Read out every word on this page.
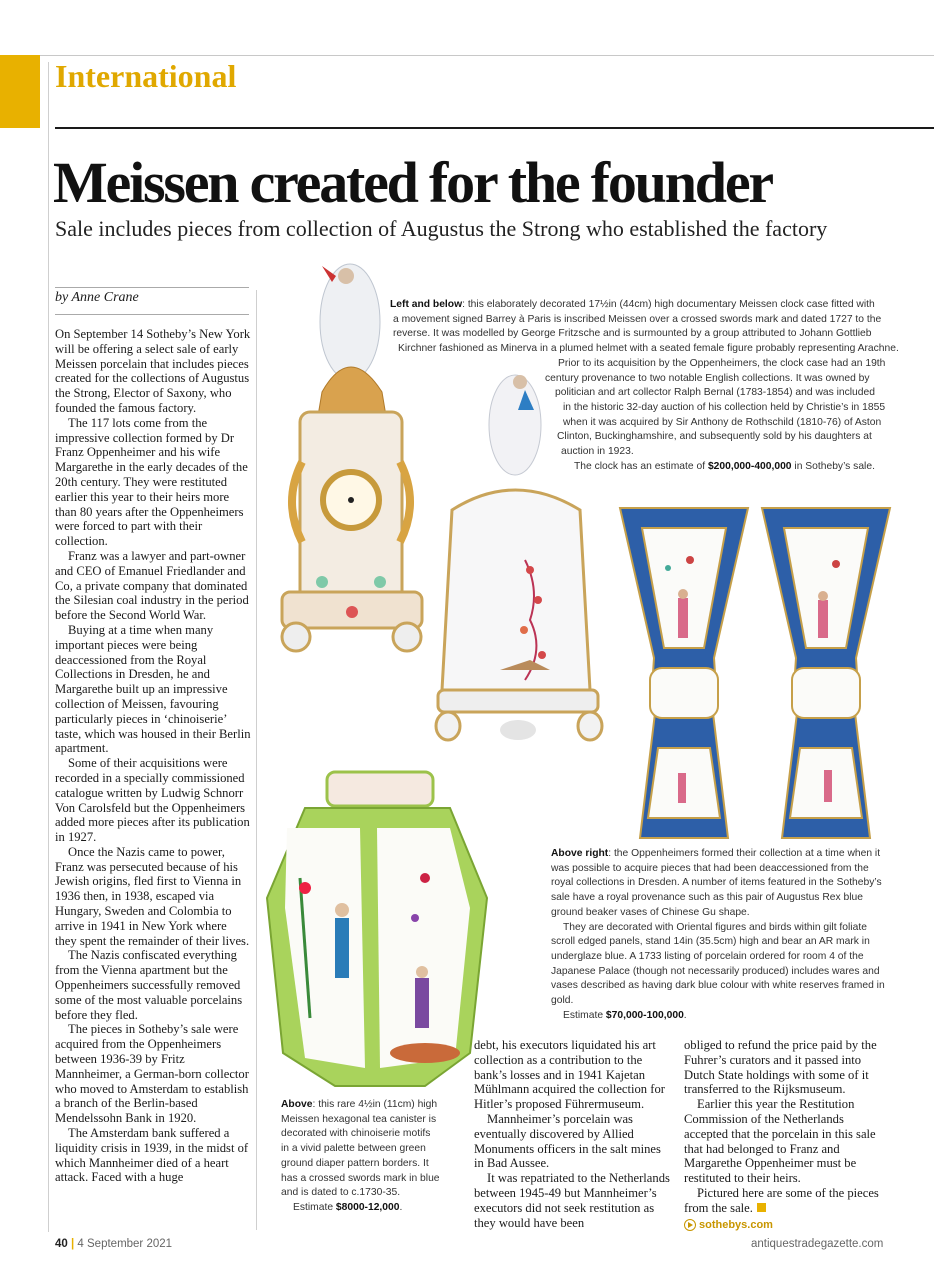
International
Meissen created for the founder
Sale includes pieces from collection of Augustus the Strong who established the factory
by Anne Crane

On September 14 Sotheby’s New York will be offering a select sale of early Meissen porcelain that includes pieces created for the collections of Augustus the Strong, Elector of Saxony, who founded the famous factory.

The 117 lots come from the impressive collection formed by Dr Franz Oppenheimer and his wife Margarethe in the early decades of the 20th century. They were restituted earlier this year to their heirs more than 80 years after the Oppenheimers were forced to part with their collection.

Franz was a lawyer and part-owner and CEO of Emanuel Friedlander and Co, a private company that dominated the Silesian coal industry in the period before the Second World War.

Buying at a time when many important pieces were being deaccessioned from the Royal Collections in Dresden, he and Margarethe built up an impressive collection of Meissen, favouring particularly pieces in ‘chinoiserie’ taste, which was housed in their Berlin apartment.

Some of their acquisitions were recorded in a specially commissioned catalogue written by Ludwig Schnorr Von Carolsfeld but the Oppenheimers added more pieces after its publication in 1927.

Once the Nazis came to power, Franz was persecuted because of his Jewish origins, fled first to Vienna in 1936 then, in 1938, escaped via Hungary, Sweden and Colombia to arrive in 1941 in New York where they spent the remainder of their lives.

The Nazis confiscated everything from the Vienna apartment but the Oppenheimers successfully removed some of the most valuable porcelains before they fled.

The pieces in Sotheby’s sale were acquired from the Oppenheimers between 1936-39 by Fritz Mannheimer, a German-born collector who moved to Amsterdam to establish a branch of the Berlin-based Mendelssohn Bank in 1920.

The Amsterdam bank suffered a liquidity crisis in 1939, in the midst of which Mannheimer died of a heart attack. Faced with a huge

debt, his executors liquidated his art collection as a contribution to the bank’s losses and in 1941 Kajetan Mühlmann acquired the collection for Hitler’s proposed Führermuseum.

Mannheimer’s porcelain was eventually discovered by Allied Monuments officers in the salt mines in Bad Aussee.

It was repatriated to the Netherlands between 1945-49 but Mannheimer’s executors did not seek restitution as they would have been

obliged to refund the price paid by the Fuhrer’s curators and it passed into Dutch State holdings with some of it transferred to the Rijksmuseum.

Earlier this year the Restitution Commission of the Netherlands accepted that the porcelain in this sale that had belonged to Franz and Margarethe Oppenheimer must be restituted to their heirs.

Pictured here are some of the pieces from the sale.

sothebys.com

Left and below: this elaborately decorated 17½in (44cm) high documentary Meissen clock case fitted with

a movement signed Barrey à Paris is inscribed Meissen over a crossed swords mark and dated 1727 to the

reverse. It was modelled by George Fritzsche and is surmounted by a group attributed to Johann Gottlieb

Kirchner fashioned as Minerva in a plumed helmet with a seated female figure probably representing Arachne.

Prior to its acquisition by the Oppenheimers, the clock case had an 19th

century provenance to two notable English collections. It was owned by

politician and art collector Ralph Bernal (1783-1854) and was included

in the historic 32-day auction of his collection held by Christie’s in 1855

when it was acquired by Sir Anthony de Rothschild (1810-76) of Aston

Clinton, Buckinghamshire, and subsequently sold by his daughters at

auction in 1923.

The clock has an estimate of $200,000-400,000 in Sotheby’s sale.

Above right: the Oppenheimers formed their collection at a time when it was possible to acquire pieces that had been deaccessioned from the royal collections in Dresden. A number of items featured in the Sotheby’s sale have a royal provenance such as this pair of Augustus Rex blue ground beaker vases of Chinese Gu shape.

They are decorated with Oriental figures and birds within gilt foliate scroll edged panels, stand 14in (35.5cm) high and bear an AR mark in underglaze blue. A 1733 listing of porcelain ordered for room 4 of the Japanese Palace (though not necessarily produced) includes wares and vases described as having dark blue colour with white reserves framed in gold.

Estimate $70,000-100,000.

Above: this rare 4½in (11cm) high Meissen hexagonal tea canister is decorated with chinoiserie motifs in a vivid palette between green ground diaper pattern borders. It has a crossed swords mark in blue and is dated to c.1730-35.

Estimate $8000-12,000.

40 | 4 September 2021	antiquestradegazette.com
